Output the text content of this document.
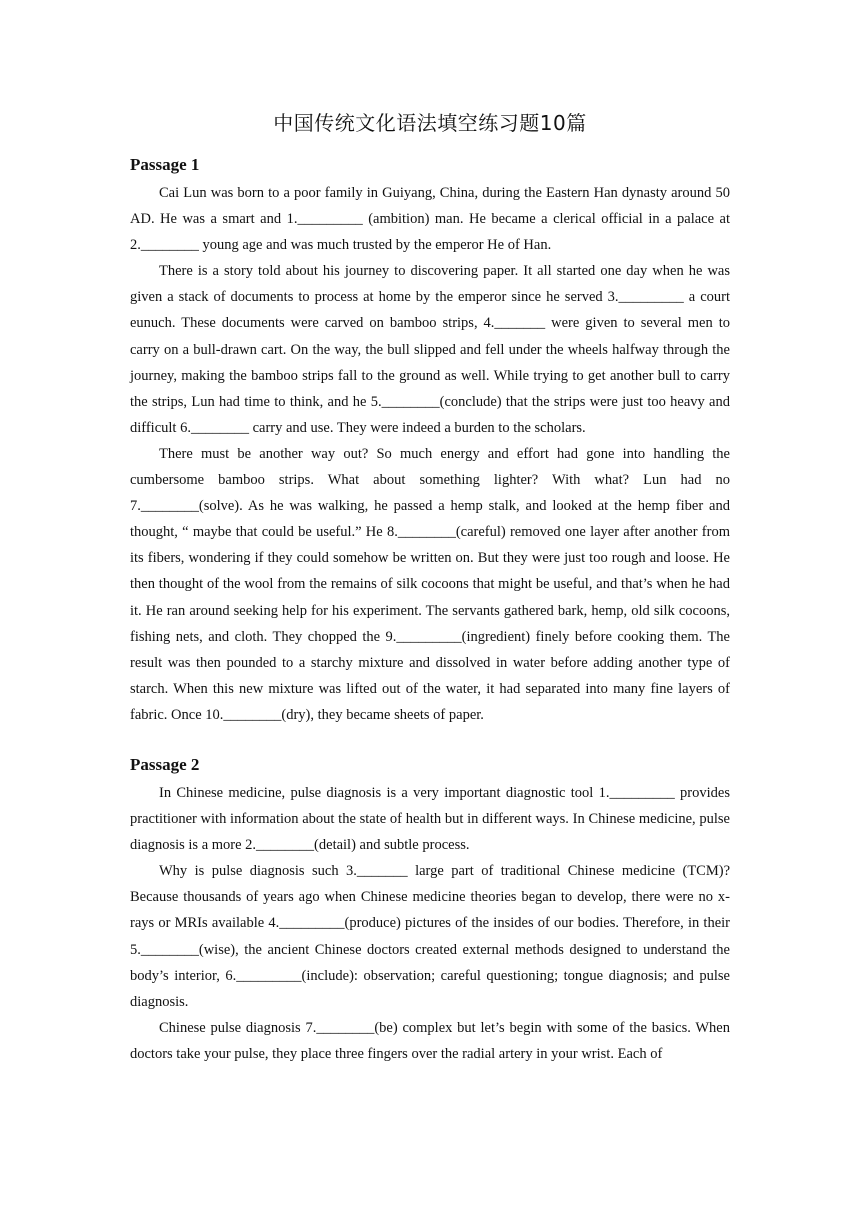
中国传统文化语法填空练习题10篇
Passage 1

Cai Lun was born to a poor family in Guiyang, China, during the Eastern Han dynasty around 50 AD. He was a smart and 1._________ (ambition) man. He became a clerical official in a palace at 2.________ young age and was much trusted by the emperor He of Han.

There is a story told about his journey to discovering paper. It all started one day when he was given a stack of documents to process at home by the emperor since he served 3._________ a court eunuch. These documents were carved on bamboo strips, 4._______ were given to several men to carry on a bull-drawn cart. On the way, the bull slipped and fell under the wheels halfway through the journey, making the bamboo strips fall to the ground as well. While trying to get another bull to carry the strips, Lun had time to think, and he 5.________(conclude) that the strips were just too heavy and difficult 6.________ carry and use. They were indeed a burden to the scholars.

There must be another way out? So much energy and effort had gone into handling the cumbersome bamboo strips. What about something lighter? With what? Lun had no 7.________(solve). As he was walking, he passed a hemp stalk, and looked at the hemp fiber and thought, “ maybe that could be useful.” He 8.________(careful) removed one layer after another from its fibers, wondering if they could somehow be written on. But they were just too rough and loose. He then thought of the wool from the remains of silk cocoons that might be useful, and that’s when he had it. He ran around seeking help for his experiment. The servants gathered bark, hemp, old silk cocoons, fishing nets, and cloth. They chopped the 9._________(ingredient) finely before cooking them. The result was then pounded to a starchy mixture and dissolved in water before adding another type of starch. When this new mixture was lifted out of the water, it had separated into many fine layers of fabric. Once 10.________(dry), they became sheets of paper.

Passage 2

In Chinese medicine, pulse diagnosis is a very important diagnostic tool 1._________ provides practitioner with information about the state of health but in different ways. In Chinese medicine, pulse diagnosis is a more 2.________(detail) and subtle process.

Why is pulse diagnosis such 3._______ large part of traditional Chinese medicine (TCM)? Because thousands of years ago when Chinese medicine theories began to develop, there were no x-rays or MRIs available 4._________(produce) pictures of the insides of our bodies. Therefore, in their 5.________(wise), the ancient Chinese doctors created external methods designed to understand the body’s interior, 6._________(include): observation; careful questioning; tongue diagnosis; and pulse diagnosis.

Chinese pulse diagnosis 7.________(be) complex but let’s begin with some of the basics. When doctors take your pulse, they place three fingers over the radial artery in your wrist. Each of
